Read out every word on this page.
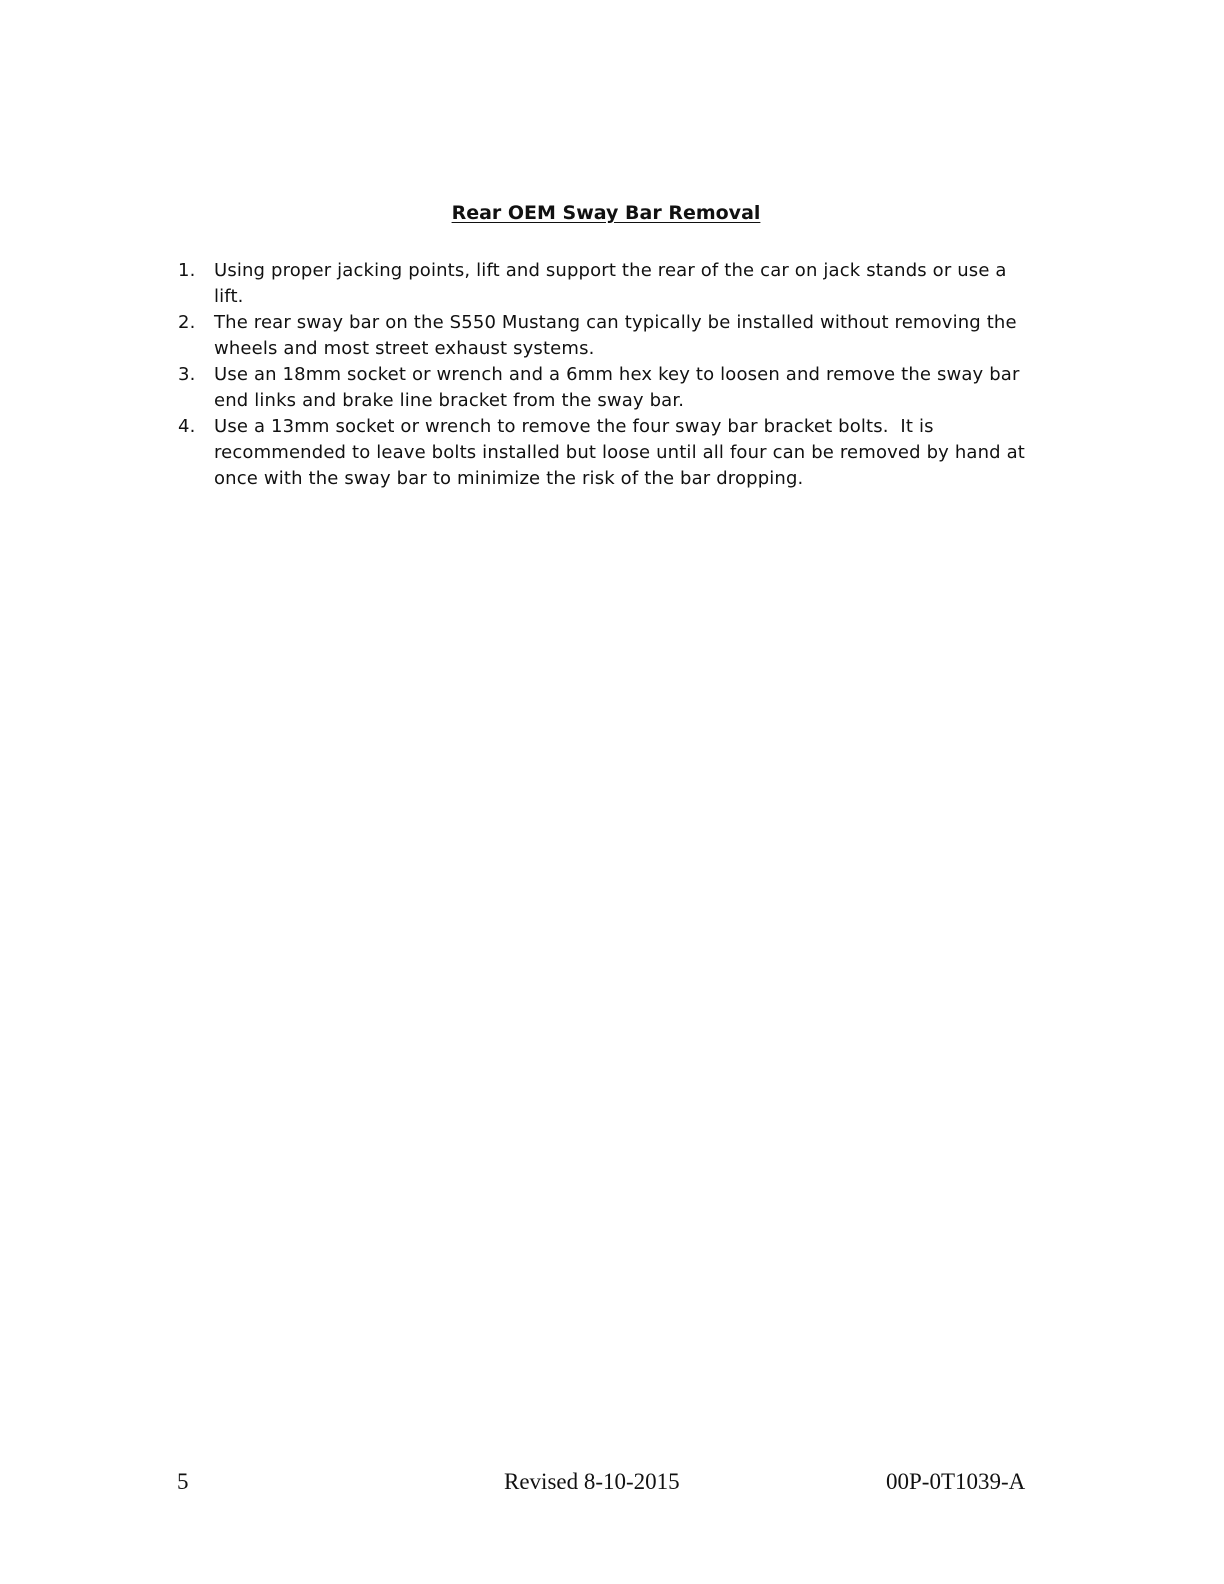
Rear OEM Sway Bar Removal
1. Using proper jacking points, lift and support the rear of the car on jack stands or use a lift.
2. The rear sway bar on the S550 Mustang can typically be installed without removing the wheels and most street exhaust systems.
3. Use an 18mm socket or wrench and a 6mm hex key to loosen and remove the sway bar end links and brake line bracket from the sway bar.
4. Use a 13mm socket or wrench to remove the four sway bar bracket bolts.  It is recommended to leave bolts installed but loose until all four can be removed by hand at once with the sway bar to minimize the risk of the bar dropping.
5	Revised 8-10-2015	00P-0T1039-A
